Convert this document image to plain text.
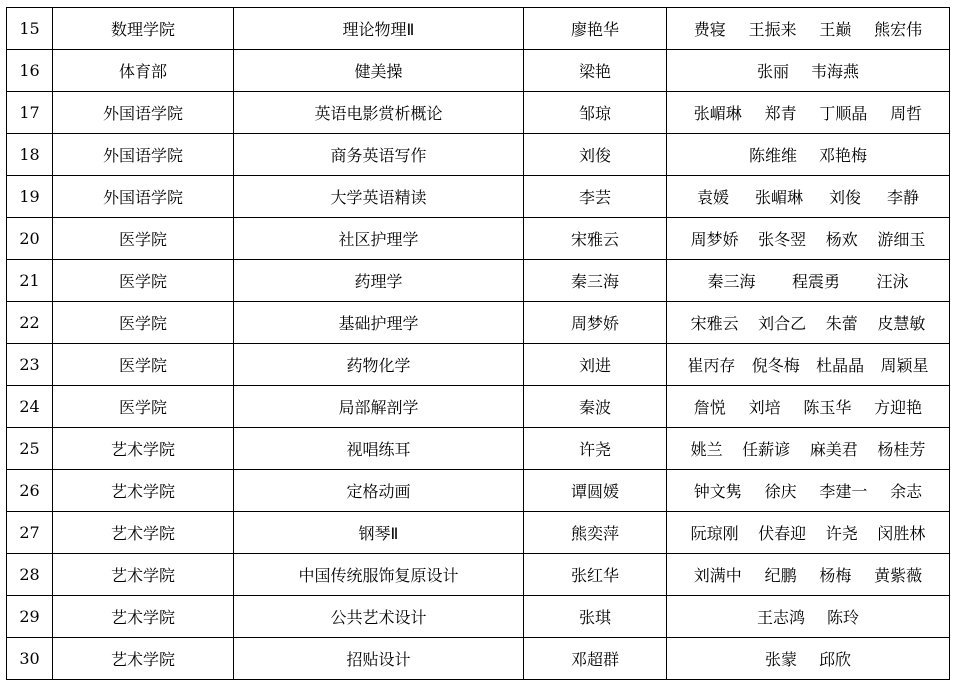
15	数理学院	理论物理Ⅱ	廖艳华	费寝 王振来 王巅 熊宏伟

16	体育部	健美操	梁艳	张丽 韦海燕

17	外国语学院	英语电影赏析概论	邹琼	张嵋琳 郑青 丁顺晶 周哲

18	外国语学院	商务英语写作	刘俊	陈维维 邓艳梅

19	外国语学院	大学英语精读	李芸	袁媛 张嵋琳 刘俊 李静

20	医学院	社区护理学	宋雅云	周梦娇 张冬翌 杨欢 游细玉

21	医学院	药理学	秦三海	秦三海 程震勇 汪泳

22	医学院	基础护理学	周梦娇	宋雅云 刘合乙 朱蕾 皮慧敏

23	医学院	药物化学	刘进	崔丙存 倪冬梅 杜晶晶 周颖星

24	医学院	局部解剖学	秦波	詹悦 刘培 陈玉华 方迎艳

25	艺术学院	视唱练耳	许尧	姚兰 任薪谚 麻美君 杨桂芳

26	艺术学院	定格动画	谭圆媛	钟文隽 徐庆 李建一 余志

27	艺术学院	钢琴Ⅱ	熊奕萍	阮琼刚 伏春迎 许尧 闵胜林

28	艺术学院	中国传统服饰复原设计	张红华	刘满中 纪鹏 杨梅 黄紫薇

29	艺术学院	公共艺术设计	张琪	王志鸿 陈玲

30	艺术学院	招贴设计	邓超群	张蒙 邱欣
